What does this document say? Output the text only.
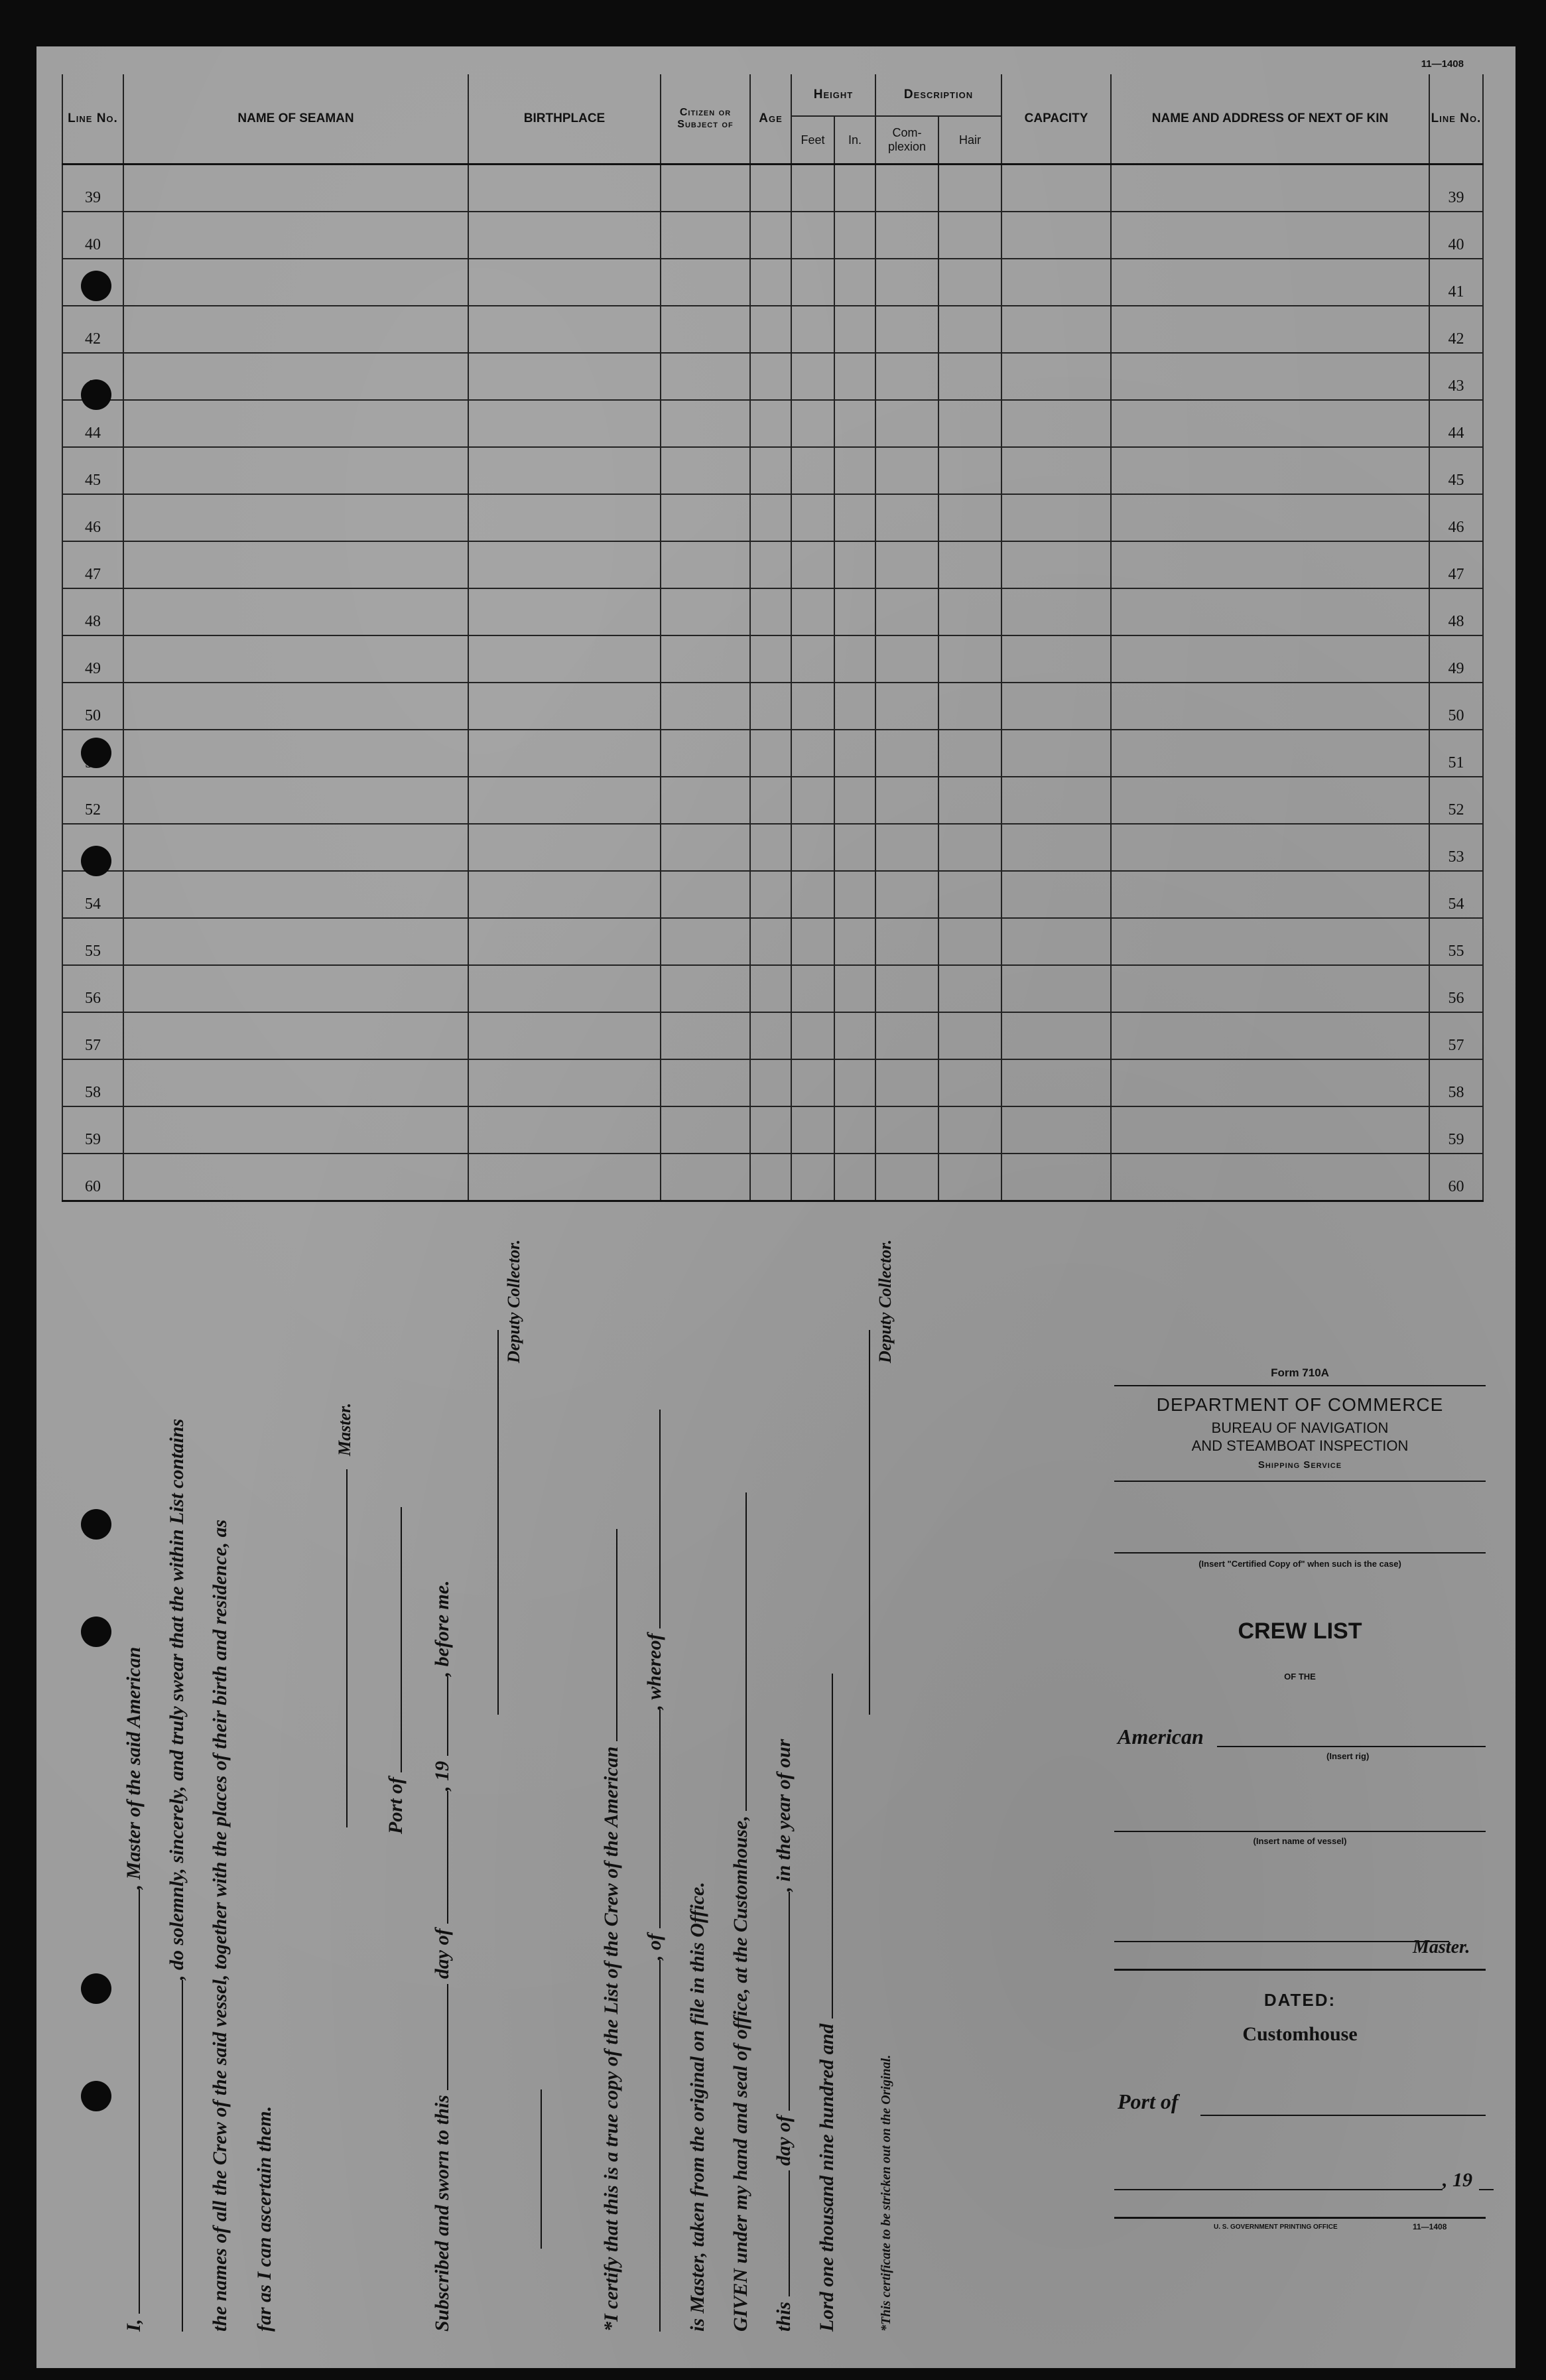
11—1408
Line No.	NAME OF SEAMAN	BIRTHPLACE	Citizen or Subject of	Age	Height		Description		CAPACITY	NAME AND ADDRESS OF NEXT OF KIN	Line No.
					Feet	In.	Com- plexion	Hair			
39											39
40											40
											41
42											42
											43
44											44
45											45
46											46
47											47
48											48
49											49
50											50
											51
52											52
											53
54											54
55											55
56											56
57											57
58											58
59											59
60											60
I, , Master of the said American , do solemnly, sincerely, and truly swear that the within List contains the names of all the Crew of the said vessel, together with the places of their birth and residence, as far as I can ascertain them.
Master.
Port of
Subscribed and sworn to this  day of , 19 , before me.
Deputy Collector.
*I certify that this is a true copy of the List of the Crew of the American , of , whereof
is Master, taken from the original on file in this Office. GIVEN under my hand and seal of office, at the Customhouse, this  day of , in the year of our
Lord one thousand nine hundred and
Deputy Collector.
*This certificate to be stricken out on the Original.
Form 710A
DEPARTMENT OF COMMERCE
BUREAU OF NAVIGATION
AND STEAMBOAT INSPECTION
Shipping Service
(Insert "Certified Copy of" when such is the case)
CREW LIST
OF THE
American
(Insert rig)
(Insert name of vessel)
Master.
DATED:
Customhouse
Port of
, 19
U. S. GOVERNMENT PRINTING OFFICE	11—1408
